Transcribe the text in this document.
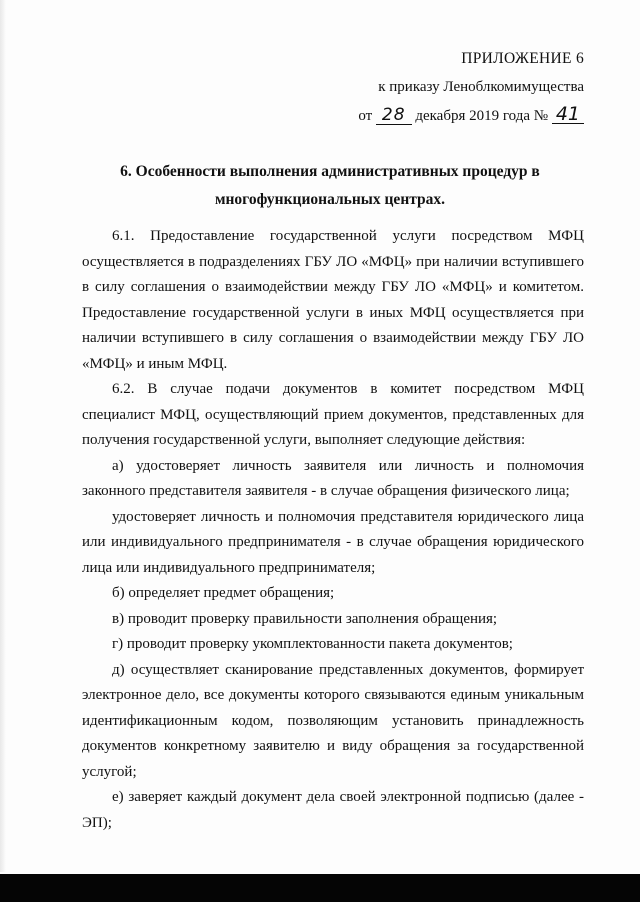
ПРИЛОЖЕНИЕ 6
к приказу Леноблкомимущества
от 28 декабря 2019 года № 41
6. Особенности выполнения административных процедур в
многофункциональных центрах.

6.1. Предоставление государственной услуги посредством МФЦ осуществляется в подразделениях ГБУ ЛО «МФЦ» при наличии вступившего в силу соглашения о взаимодействии между ГБУ ЛО «МФЦ» и комитетом. Предоставление государственной услуги в иных МФЦ осуществляется при наличии вступившего в силу соглашения о взаимодействии между ГБУ ЛО «МФЦ» и иным МФЦ.

6.2. В случае подачи документов в комитет посредством МФЦ специалист МФЦ, осуществляющий прием документов, представленных для получения государственной услуги, выполняет следующие действия:

а) удостоверяет личность заявителя или личность и полномочия законного представителя заявителя - в случае обращения физического лица;

удостоверяет личность и полномочия представителя юридического лица или индивидуального предпринимателя - в случае обращения юридического лица или индивидуального предпринимателя;

б) определяет предмет обращения;

в) проводит проверку правильности заполнения обращения;

г) проводит проверку укомплектованности пакета документов;

д) осуществляет сканирование представленных документов, формирует электронное дело, все документы которого связываются единым уникальным идентификационным кодом, позволяющим установить принадлежность документов конкретному заявителю и виду обращения за государственной услугой;

е) заверяет каждый документ дела своей электронной подписью (далее - ЭП);
